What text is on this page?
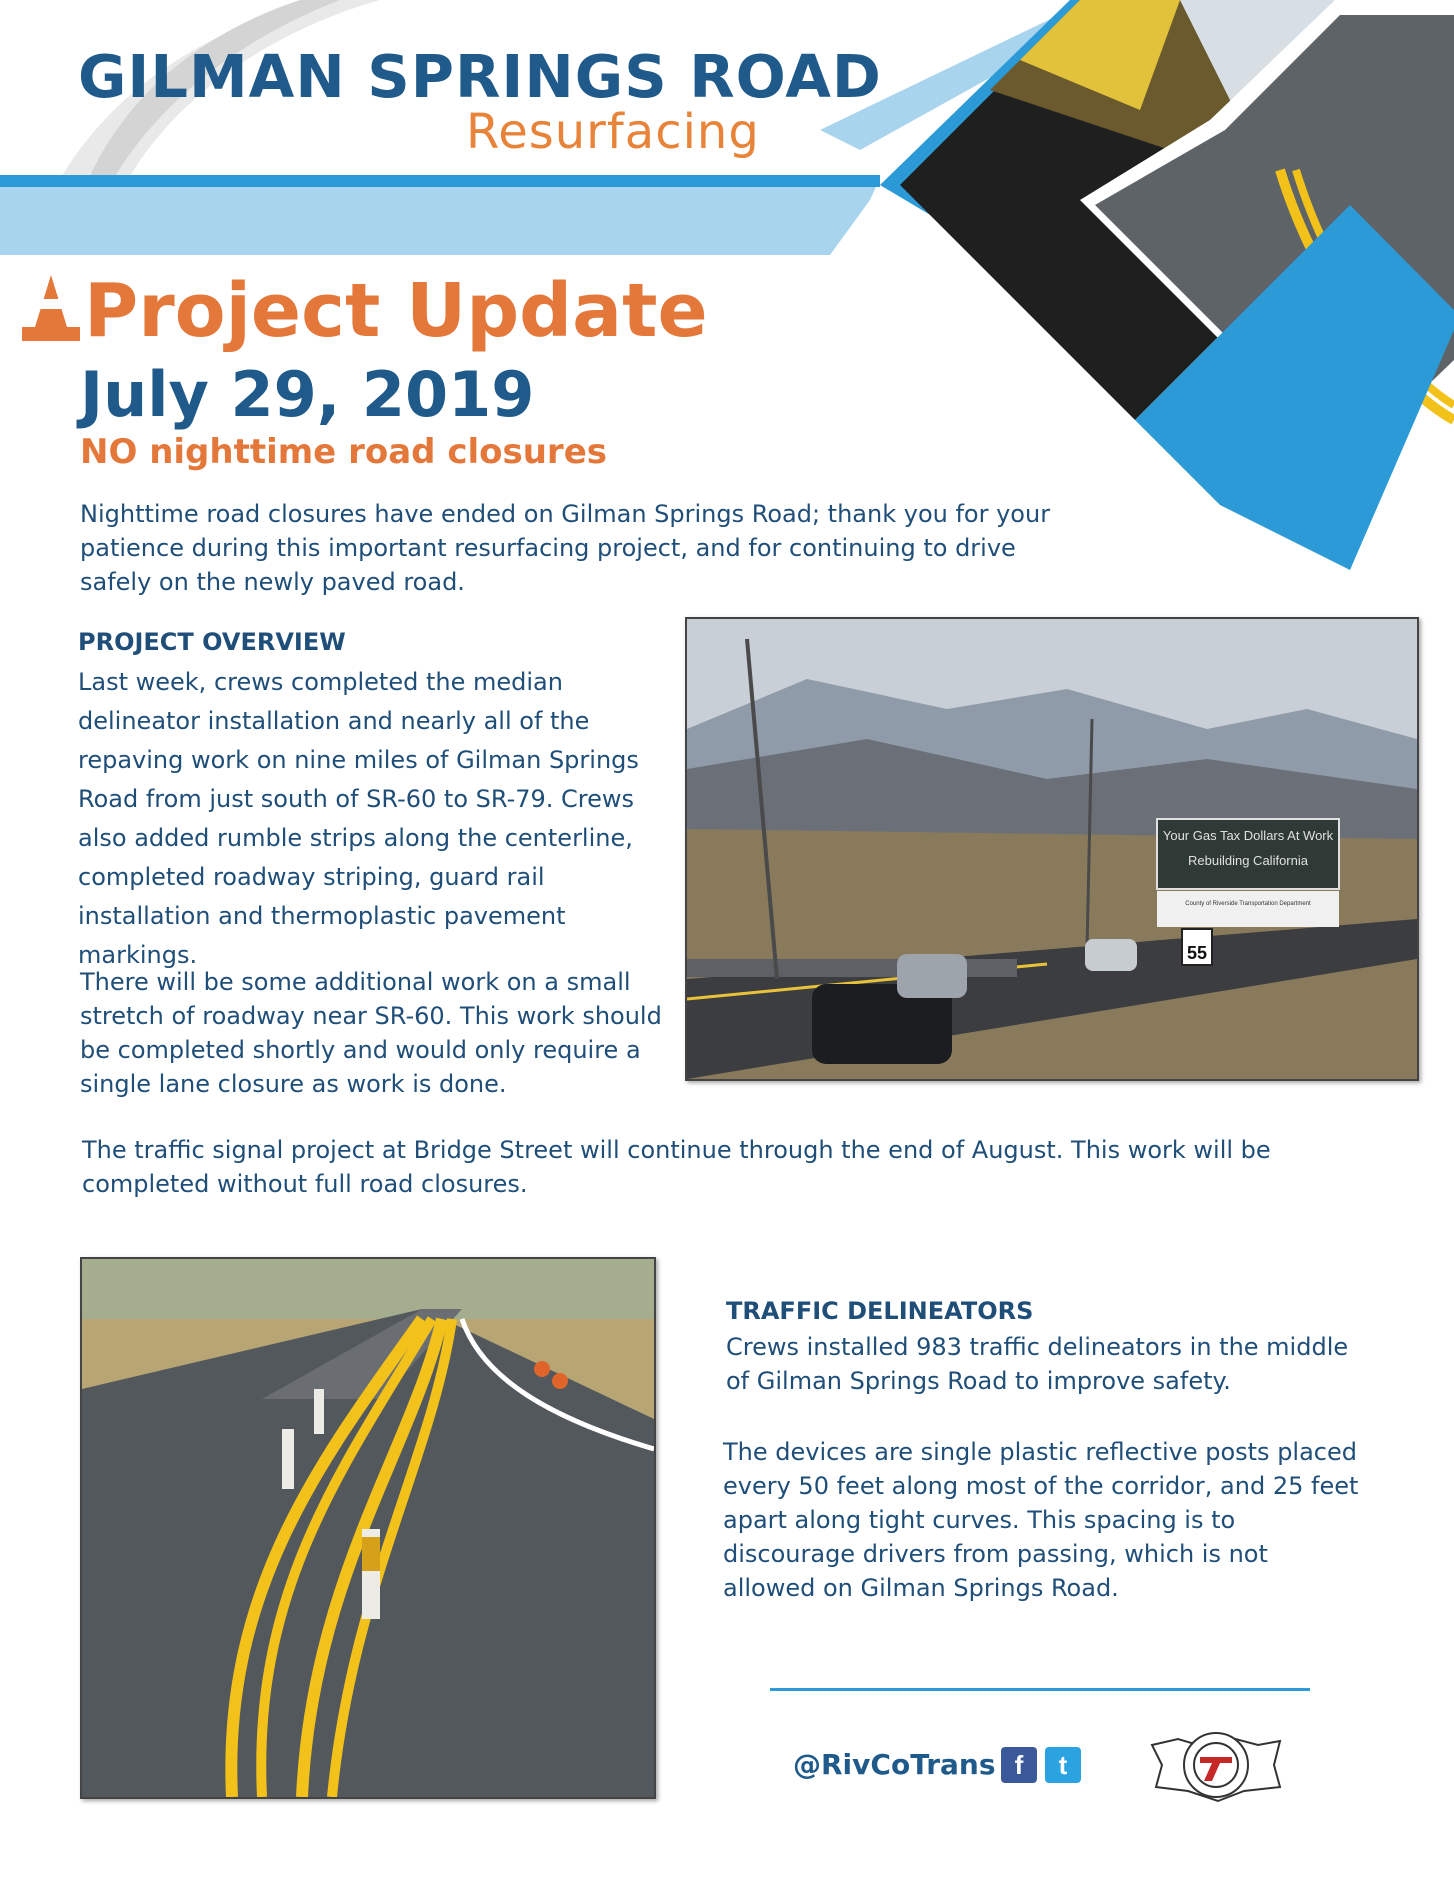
GILMAN SPRINGS ROAD
Resurfacing
Project Update
July 29, 2019
NO nighttime road closures
Nighttime road closures have ended on Gilman Springs Road; thank you for your patience during this important resurfacing project, and for continuing to drive safely on the newly paved road.
PROJECT OVERVIEW
Last week, crews completed the median delineator installation and nearly all of the repaving work on nine miles of Gilman Springs Road from just south of SR-60 to SR-79. Crews also added rumble strips along the centerline, completed roadway striping, guard rail installation and thermoplastic pavement markings.
There will be some additional work on a small stretch of roadway near SR-60. This work should be completed shortly and would only require a single lane closure as work is done.
Your Gas Tax Dollars At Work
Rebuilding California
County of Riverside Transportation Department
55
The traffic signal project at Bridge Street will continue through the end of August. This work will be completed without full road closures.
TRAFFIC DELINEATORS
Crews installed 983 traffic delineators in the middle of Gilman Springs Road to improve safety.
The devices are single plastic reflective posts placed every 50 feet along most of the corridor, and 25 feet apart along tight curves. This spacing is to discourage drivers from passing, which is not allowed on Gilman Springs Road.
@RivCoTrans f	t
